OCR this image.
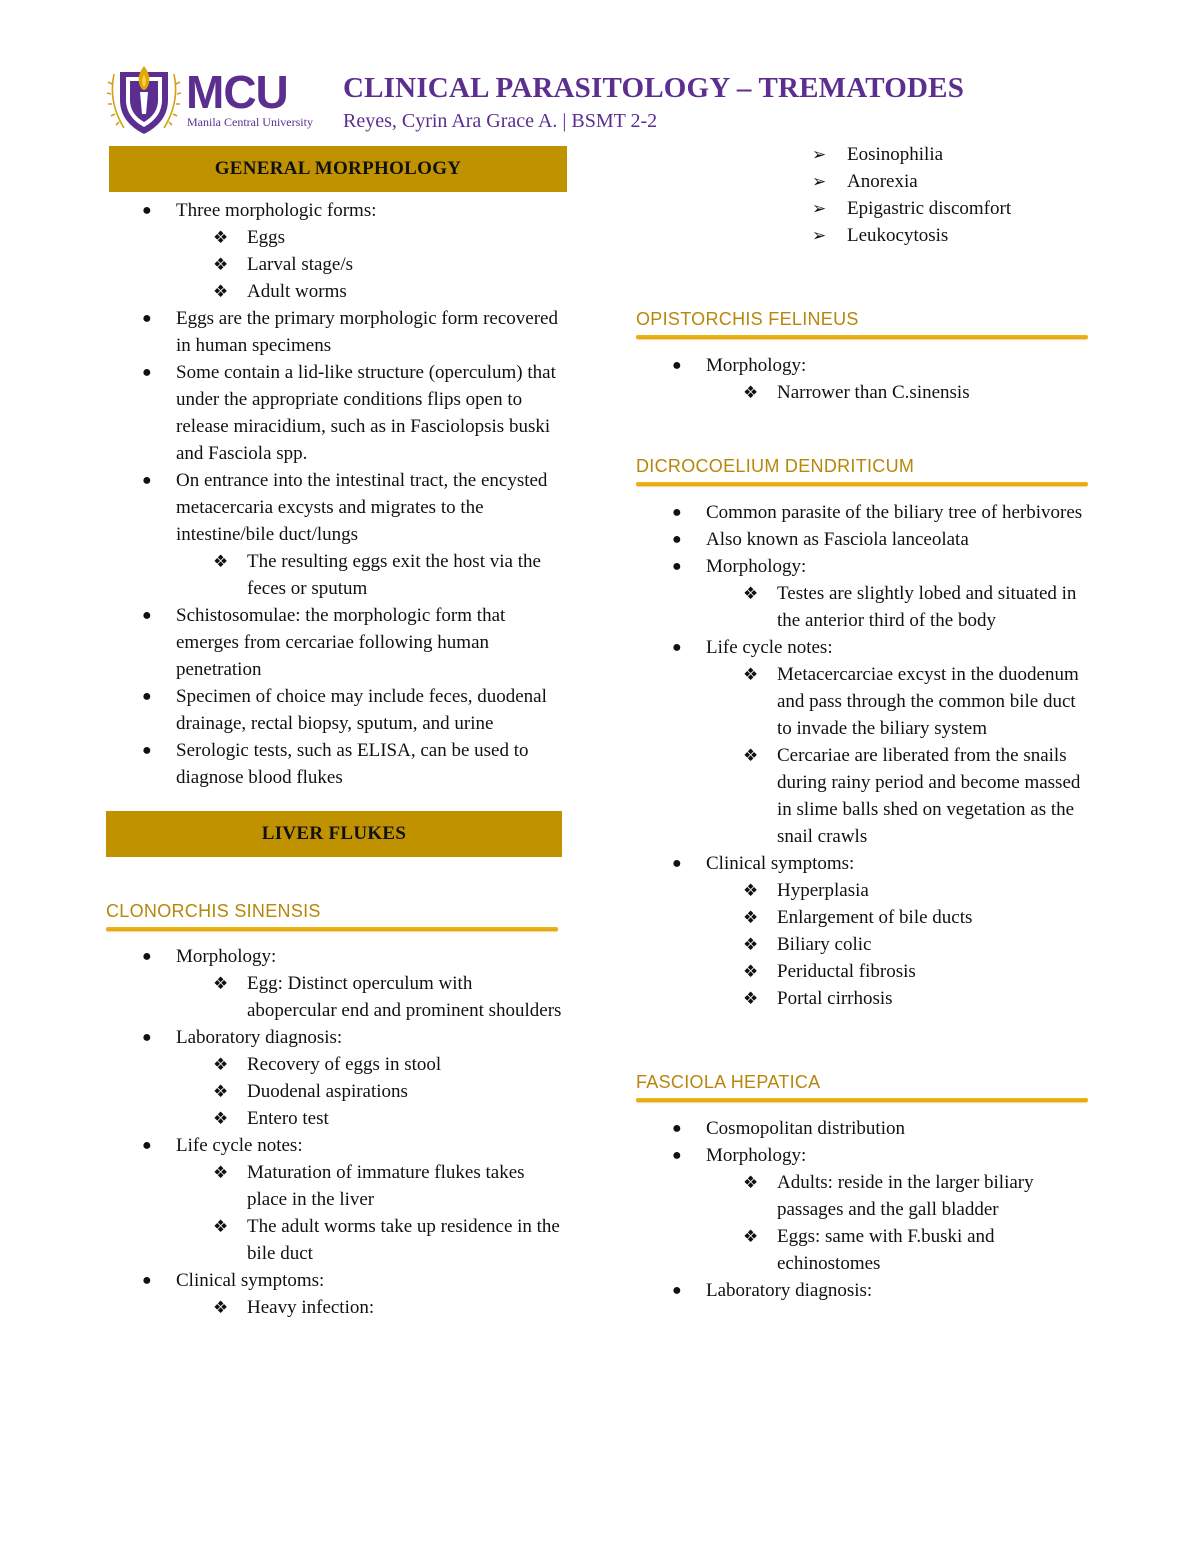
MCU
Manila Central University
CLINICAL PARASITOLOGY – TREMATODES
Reyes, Cyrin Ara Grace A. | BSMT 2-2
GENERAL MORPHOLOGY
● Three morphologic forms:
❖ Eggs
❖ Larval stage/s
❖ Adult worms
● Eggs are the primary morphologic form recovered in human specimens
● Some contain a lid-like structure (operculum) that under the appropriate conditions flips open to release miracidium, such as in Fasciolopsis buski and Fasciola spp.
● On entrance into the intestinal tract, the encysted metacercaria excysts and migrates to the intestine/bile duct/lungs
❖ The resulting eggs exit the host via the feces or sputum
● Schistosomulae: the morphologic form that emerges from cercariae following human penetration
● Specimen of choice may include feces, duodenal drainage, rectal biopsy, sputum, and urine
● Serologic tests, such as ELISA, can be used to diagnose blood flukes
LIVER FLUKES
CLONORCHIS SINENSIS
● Morphology:
❖ Egg: Distinct operculum with abopercular end and prominent shoulders
● Laboratory diagnosis:
❖ Recovery of eggs in stool
❖ Duodenal aspirations
❖ Entero test
● Life cycle notes:
❖ Maturation of immature flukes takes place in the liver
❖ The adult worms take up residence in the bile duct
● Clinical symptoms:
❖ Heavy infection:
➢ Eosinophilia
➢ Anorexia
➢ Epigastric discomfort
➢ Leukocytosis
OPISTORCHIS FELINEUS
● Morphology:
❖ Narrower than C.sinensis
DICROCOELIUM DENDRITICUM
● Common parasite of the biliary tree of herbivores
● Also known as Fasciola lanceolata
● Morphology:
❖ Testes are slightly lobed and situated in the anterior third of the body
● Life cycle notes:
❖ Metacercarciae excyst in the duodenum and pass through the common bile duct to invade the biliary system
❖ Cercariae are liberated from the snails during rainy period and become massed in slime balls shed on vegetation as the snail crawls
● Clinical symptoms:
❖ Hyperplasia
❖ Enlargement of bile ducts
❖ Biliary colic
❖ Periductal fibrosis
❖ Portal cirrhosis
FASCIOLA HEPATICA
● Cosmopolitan distribution
● Morphology:
❖ Adults: reside in the larger biliary passages and the gall bladder
❖ Eggs: same with F.buski and echinostomes
● Laboratory diagnosis:
